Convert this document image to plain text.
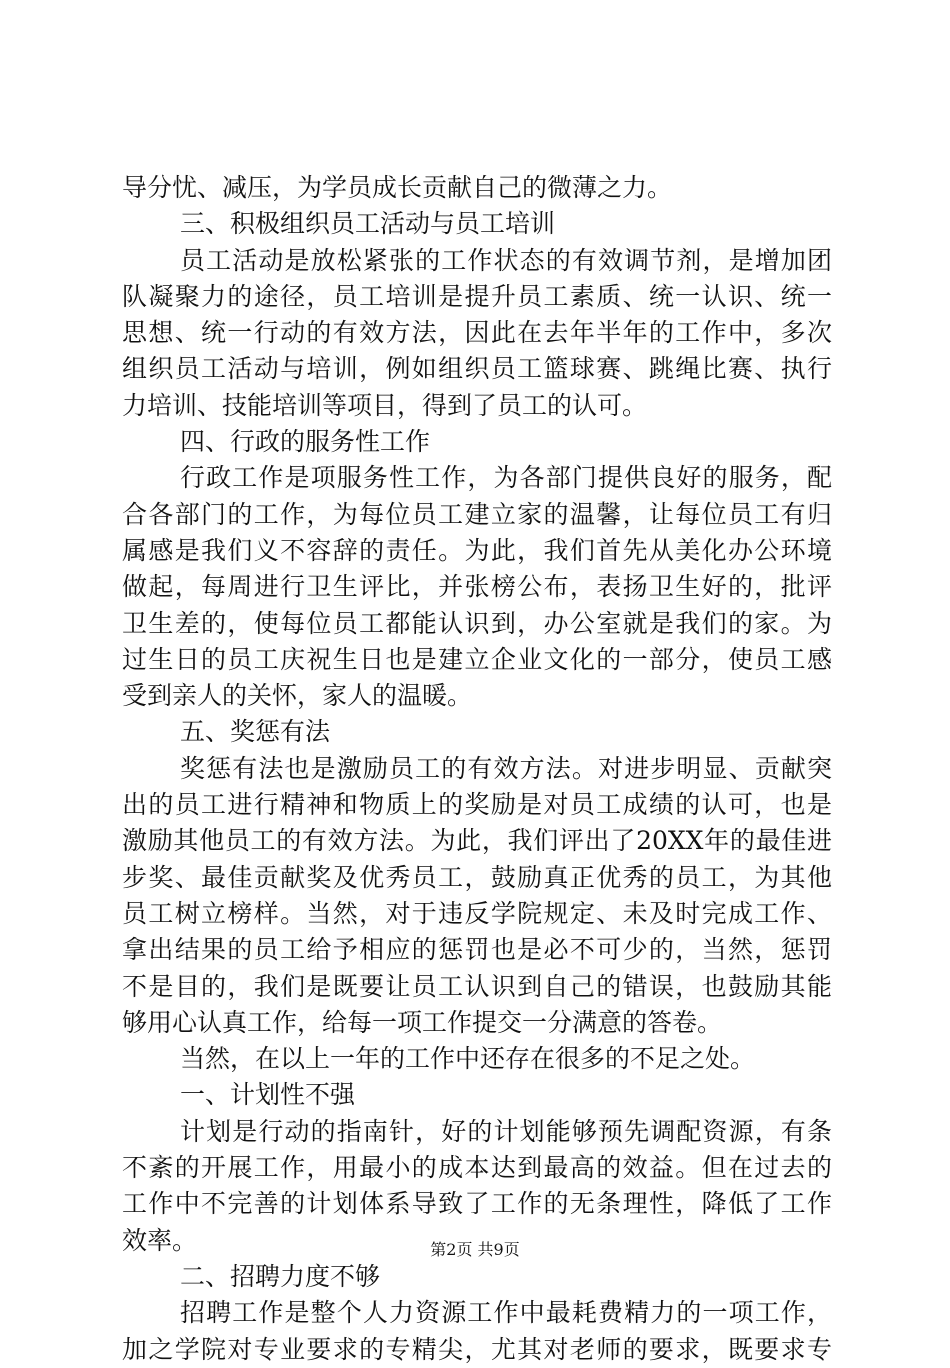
导分忧、减压，为学员成长贡献自己的微薄之力。
三、积极组织员工活动与员工培训
员工活动是放松紧张的工作状态的有效调节剂，是增加团
队凝聚力的途径，员工培训是提升员工素质、统一认识、统一
思想、统一行动的有效方法，因此在去年半年的工作中，多次
组织员工活动与培训，例如组织员工篮球赛、跳绳比赛、执行
力培训、技能培训等项目，得到了员工的认可。
四、行政的服务性工作
行政工作是项服务性工作，为各部门提供良好的服务，配
合各部门的工作，为每位员工建立家的温馨，让每位员工有归
属感是我们义不容辞的责任。为此，我们首先从美化办公环境
做起，每周进行卫生评比，并张榜公布，表扬卫生好的，批评
卫生差的，使每位员工都能认识到，办公室就是我们的家。为
过生日的员工庆祝生日也是建立企业文化的一部分，使员工感
受到亲人的关怀，家人的温暖。
五、奖惩有法
奖惩有法也是激励员工的有效方法。对进步明显、贡献突
出的员工进行精神和物质上的奖励是对员工成绩的认可，也是
激励其他员工的有效方法。为此，我们评出了20XX年的最佳进
步奖、最佳贡献奖及优秀员工，鼓励真正优秀的员工，为其他
员工树立榜样。当然，对于违反学院规定、未及时完成工作、
拿出结果的员工给予相应的惩罚也是必不可少的，当然，惩罚
不是目的，我们是既要让员工认识到自己的错误，也鼓励其能
够用心认真工作，给每一项工作提交一分满意的答卷。
当然，在以上一年的工作中还存在很多的不足之处。
一、计划性不强
计划是行动的指南针，好的计划能够预先调配资源，有条
不紊的开展工作，用最小的成本达到最高的效益。但在过去的
工作中不完善的计划体系导致了工作的无条理性，降低了工作
效率。
二、招聘力度不够
招聘工作是整个人力资源工作中最耗费精力的一项工作，
加之学院对专业要求的专精尖，尤其对老师的要求，既要求专
第2页 共9页
